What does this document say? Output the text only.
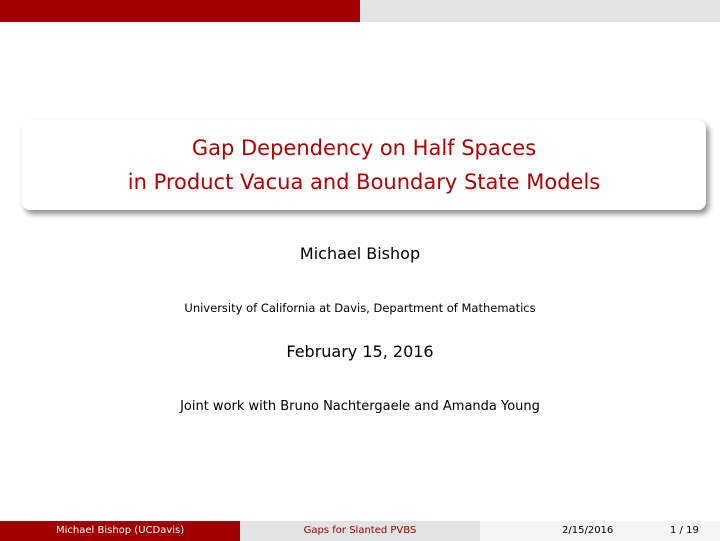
Gap Dependency on Half Spaces
in Product Vacua and Boundary State Models
Michael Bishop
University of California at Davis, Department of Mathematics
February 15, 2016
Joint work with Bruno Nachtergaele and Amanda Young
Michael Bishop (UCDavis)	Gaps for Slanted PVBS	2/15/2016	1 / 19
